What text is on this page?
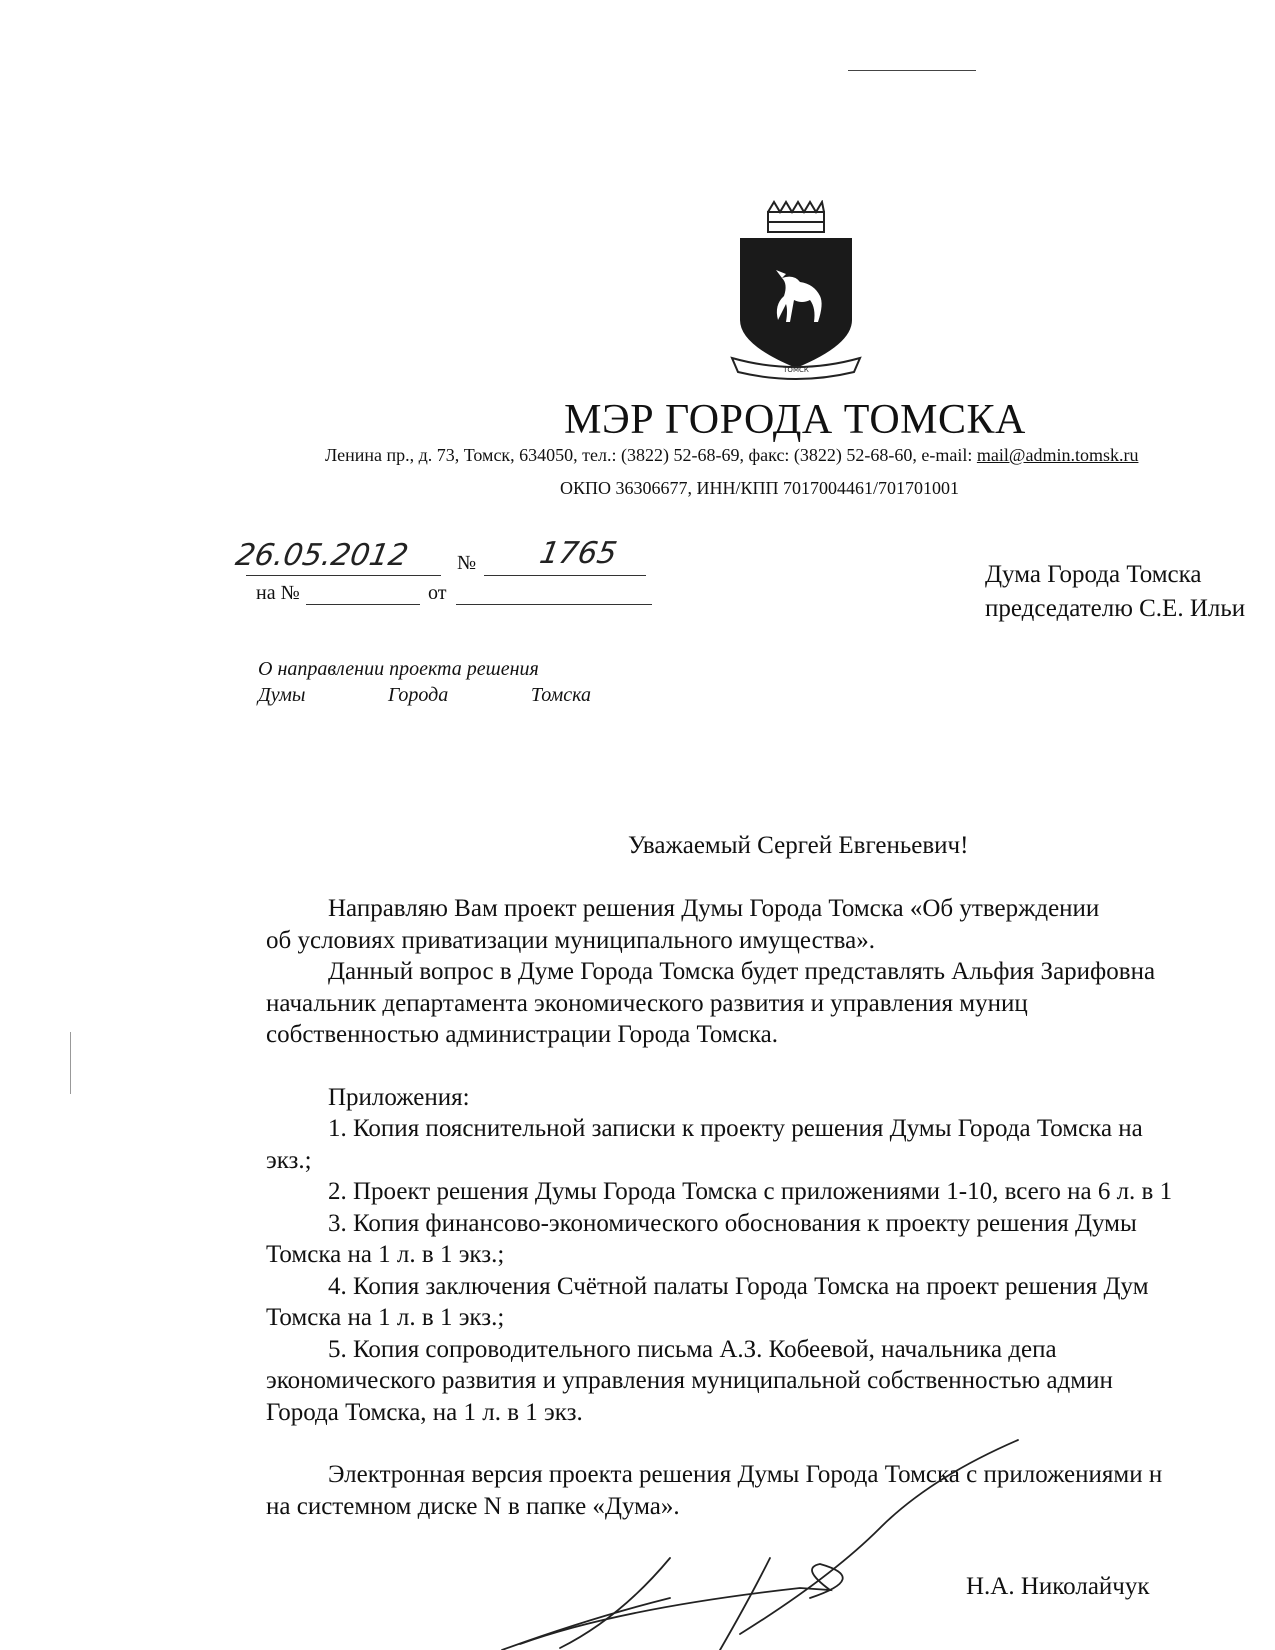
ТОМСК
МЭР ГОРОДА ТОМСКА
Ленина пр., д. 73, Томск, 634050, тел.: (3822) 52-68-69, факс: (3822) 52-68-60, e-mail: mail@admin.tomsk.ru
ОКПО 36306677, ИНН/КПП 7017004461/701701001
26.05.2012 № 1765
на №	от
Дума Города Томска
председателю С.Е. Ильи
О направлении проекта решения
Думы	Города	Томска
Уважаемый Сергей Евгеньевич!

Направляю Вам проект решения Думы Города Томска «Об утверждении

об условиях приватизации муниципального имущества».

Данный вопрос в Думе Города Томска будет представлять Альфия Зарифовна

начальник департамента экономического развития и управления муниц

собственностью администрации Города Томска.

Приложения:

1. Копия пояснительной записки к проекту решения Думы Города Томска на

экз.;

2. Проект решения Думы Города Томска с приложениями 1-10, всего на 6 л. в 1

3. Копия финансово-экономического обоснования к проекту решения Думы

Томска на 1 л. в 1 экз.;

4. Копия заключения Счётной палаты Города Томска на проект решения Дум

Томска на 1 л. в 1 экз.;

5. Копия сопроводительного письма А.З. Кобеевой, начальника депа

экономического развития и управления муниципальной собственностью админ

Города Томска, на 1 л. в 1 экз.

Электронная версия проекта решения Думы Города Томска с приложениями н

на системном диске N в папке «Дума».

Н.А. Николайчук
